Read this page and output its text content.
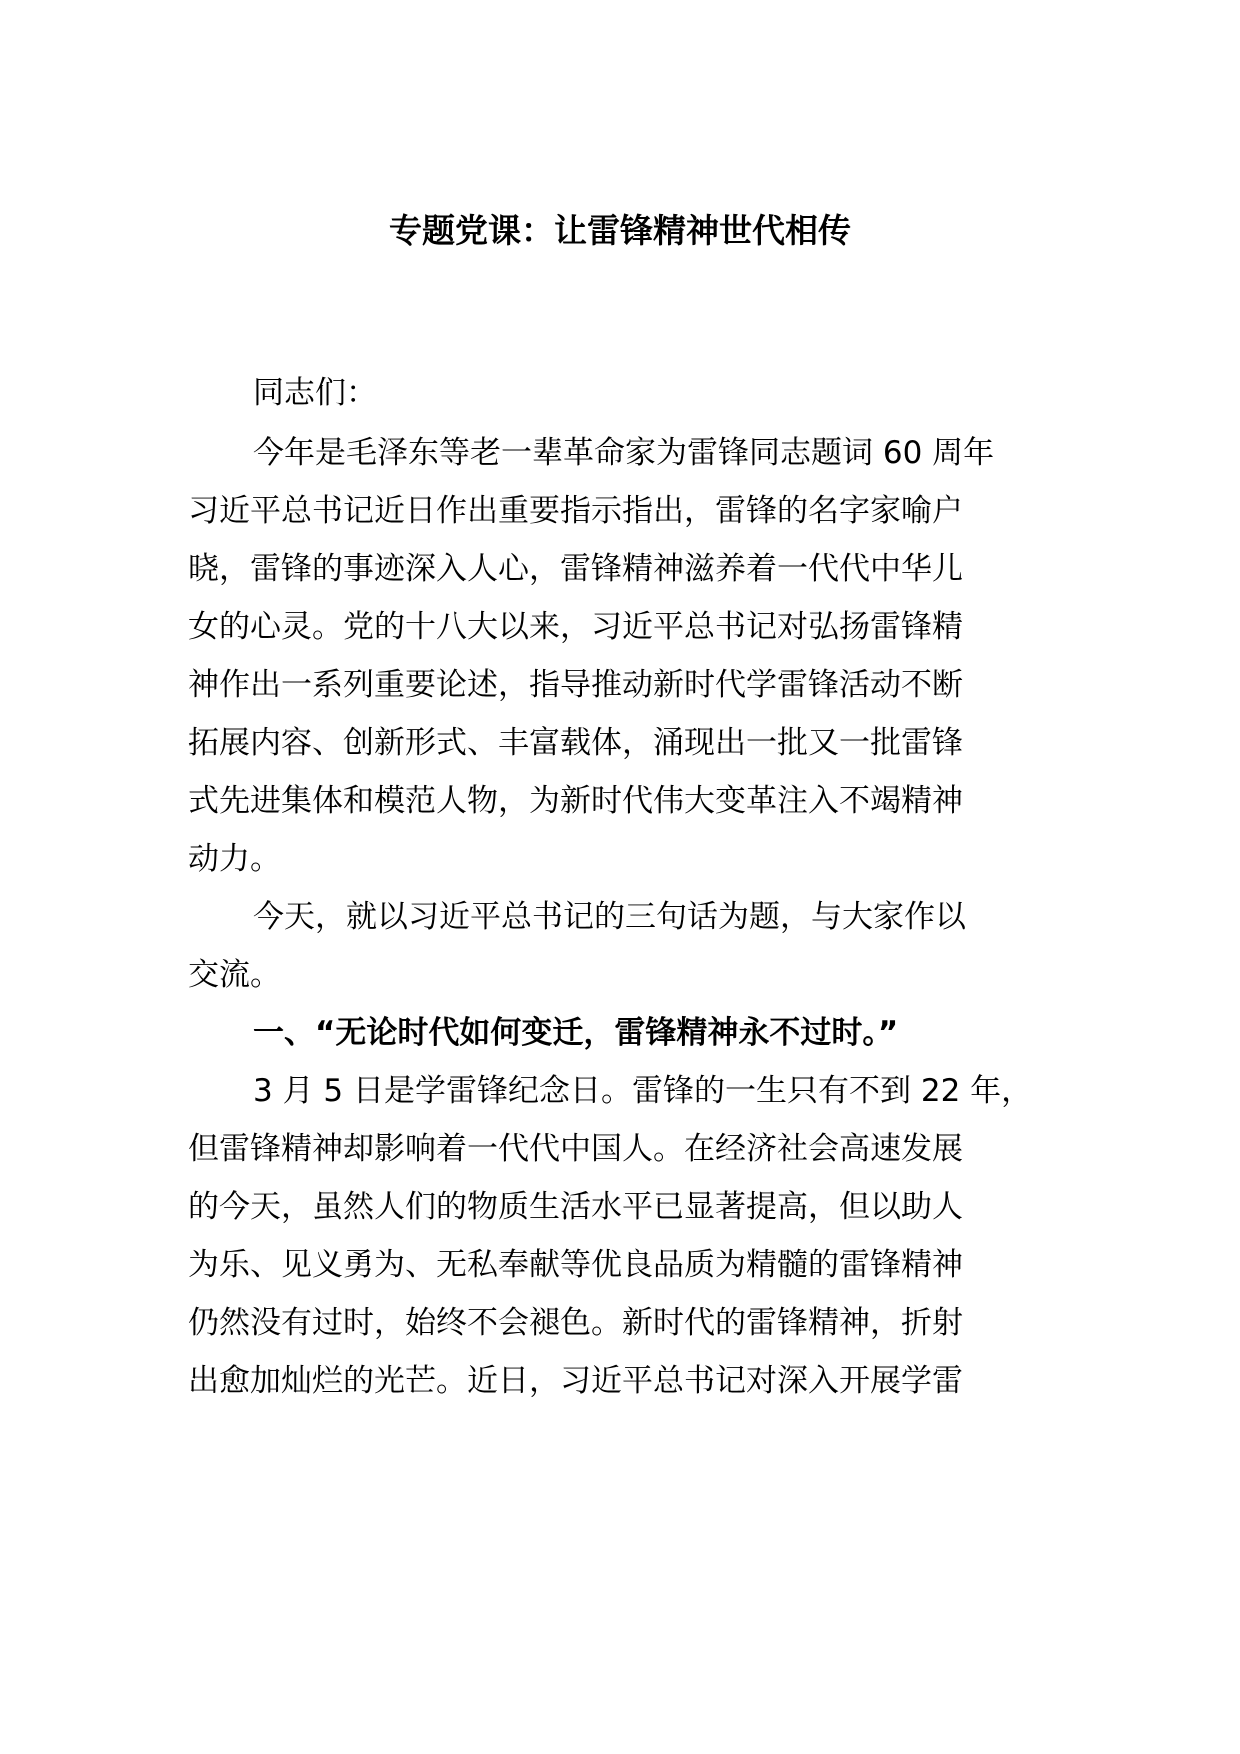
专题党课：让雷锋精神世代相传

同志们：

今年是毛泽东等老一辈革命家为雷锋同志题词 60 周年

习近平总书记近日作出重要指示指出，雷锋的名字家喻户

晓，雷锋的事迹深入人心，雷锋精神滋养着一代代中华儿

女的心灵。党的十八大以来，习近平总书记对弘扬雷锋精

神作出一系列重要论述，指导推动新时代学雷锋活动不断

拓展内容、创新形式、丰富载体，涌现出一批又一批雷锋

式先进集体和模范人物，为新时代伟大变革注入不竭精神

动力。

今天，就以习近平总书记的三句话为题，与大家作以

交流。

一、“无论时代如何变迁，雷锋精神永不过时。”

3 月 5 日是学雷锋纪念日。雷锋的一生只有不到 22 年，

但雷锋精神却影响着一代代中国人。在经济社会高速发展

的今天，虽然人们的物质生活水平已显著提高，但以助人

为乐、见义勇为、无私奉献等优良品质为精髓的雷锋精神

仍然没有过时，始终不会褪色。新时代的雷锋精神，折射

出愈加灿烂的光芒。近日，习近平总书记对深入开展学雷
